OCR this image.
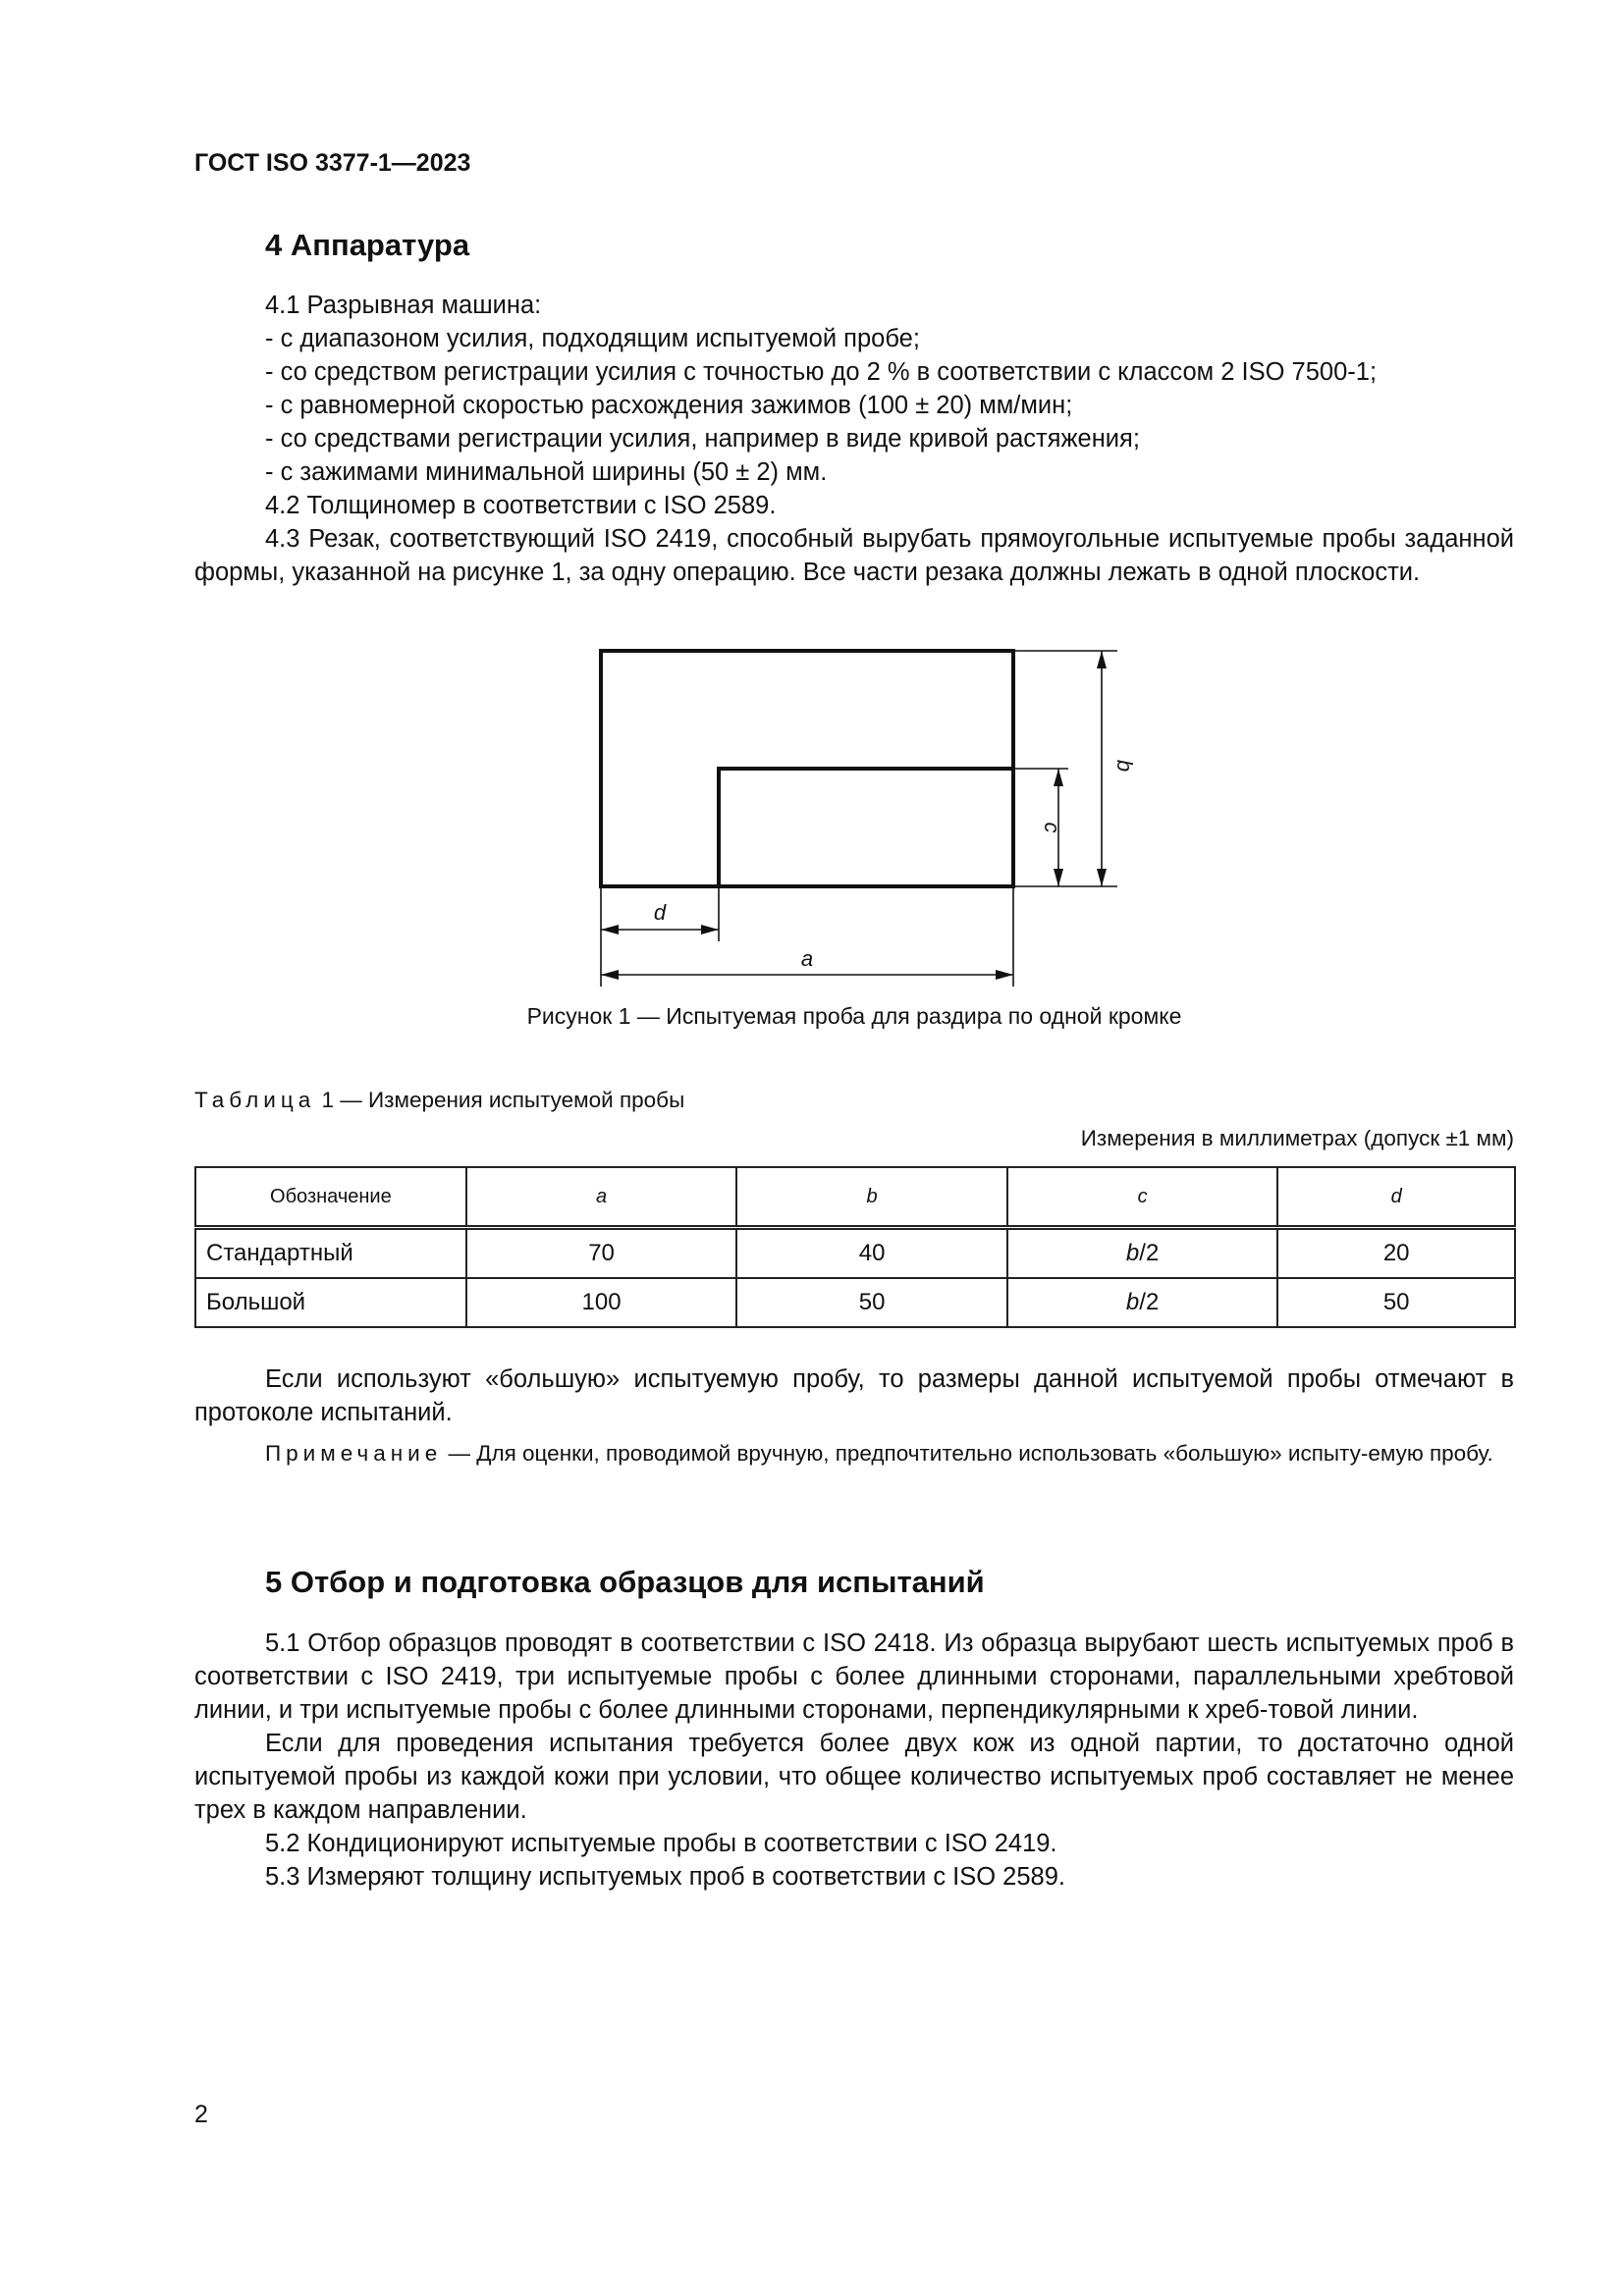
ГОСТ ISO 3377-1—2023
4 Аппаратура

4.1 Разрывная машина:

- с диапазоном усилия, подходящим испытуемой пробе;

- со средством регистрации усилия с точностью до 2 % в соответствии с классом 2 ISO 7500-1;

- с равномерной скоростью расхождения зажимов (100 ± 20) мм/мин;

- со средствами регистрации усилия, например в виде кривой растяжения;

- с зажимами минимальной ширины (50 ± 2) мм.

4.2 Толщиномер в соответствии с ISO 2589.

4.3 Резак, соответствующий ISO 2419, способный вырубать прямоугольные испытуемые пробы заданной формы, указанной на рисунке 1, за одну операцию. Все части резака должны лежать в одной плоскости.

b
c
d
a
Рисунок 1 — Испытуемая проба для раздира по одной кромке
Таблица 1 — Измерения испытуемой пробы
Измерения в миллиметрах (допуск ±1 мм)
Обозначение	a	b	c	d
Стандартный	70	40	b/2	20
Большой	100	50	b/2	50

Если используют «большую» испытуемую пробу, то размеры данной испытуемой пробы отмечают в протоколе испытаний.

Примечание — Для оценки, проводимой вручную, предпочтительно использовать «большую» испыту-емую пробу.
5 Отбор и подготовка образцов для испытаний

5.1 Отбор образцов проводят в соответствии с ISO 2418. Из образца вырубают шесть испытуемых проб в соответствии с ISO 2419, три испытуемые пробы с более длинными сторонами, параллельными хребтовой линии, и три испытуемые пробы с более длинными сторонами, перпендикулярными к хреб-товой линии.

Если для проведения испытания требуется более двух кож из одной партии, то достаточно одной испытуемой пробы из каждой кожи при условии, что общее количество испытуемых проб составляет не менее трех в каждом направлении.

5.2 Кондиционируют испытуемые пробы в соответствии с ISO 2419.

5.3 Измеряют толщину испытуемых проб в соответствии с ISO 2589.

2
